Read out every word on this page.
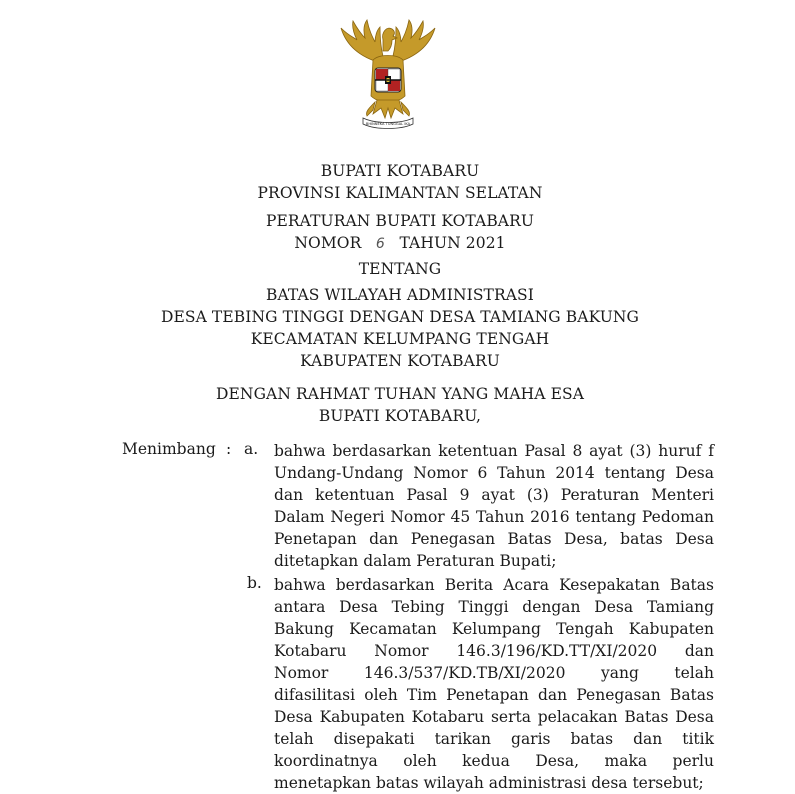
BHINNEKA TUNGGAL IKA
BUPATI KOTABARU
PROVINSI KALIMANTAN SELATAN
PERATURAN BUPATI KOTABARU
NOMOR 6 TAHUN 2021
TENTANG
BATAS WILAYAH ADMINISTRASI
DESA TEBING TINGGI DENGAN DESA TAMIANG BAKUNG
KECAMATAN KELUMPANG TENGAH
KABUPATEN KOTABARU
DENGAN RAHMAT TUHAN YANG MAHA ESA
BUPATI KOTABARU,
Menimbang : a. bahwa berdasarkan ketentuan Pasal 8 ayat (3) huruf f
Undang-Undang Nomor 6 Tahun 2014 tentang Desa
dan ketentuan Pasal 9 ayat (3) Peraturan Menteri
Dalam Negeri Nomor 45 Tahun 2016 tentang Pedoman
Penetapan dan Penegasan Batas Desa, batas Desa
ditetapkan dalam Peraturan Bupati;
b. bahwa berdasarkan Berita Acara Kesepakatan Batas
antara Desa Tebing Tinggi dengan Desa Tamiang
Bakung Kecamatan Kelumpang Tengah Kabupaten
Kotabaru Nomor 146.3/196/KD.TT/XI/2020 dan
Nomor 146.3/537/KD.TB/XI/2020 yang telah
difasilitasi oleh Tim Penetapan dan Penegasan Batas
Desa Kabupaten Kotabaru serta pelacakan Batas Desa
telah disepakati tarikan garis batas dan titik
koordinatnya oleh kedua Desa, maka perlu
menetapkan batas wilayah administrasi desa tersebut;
